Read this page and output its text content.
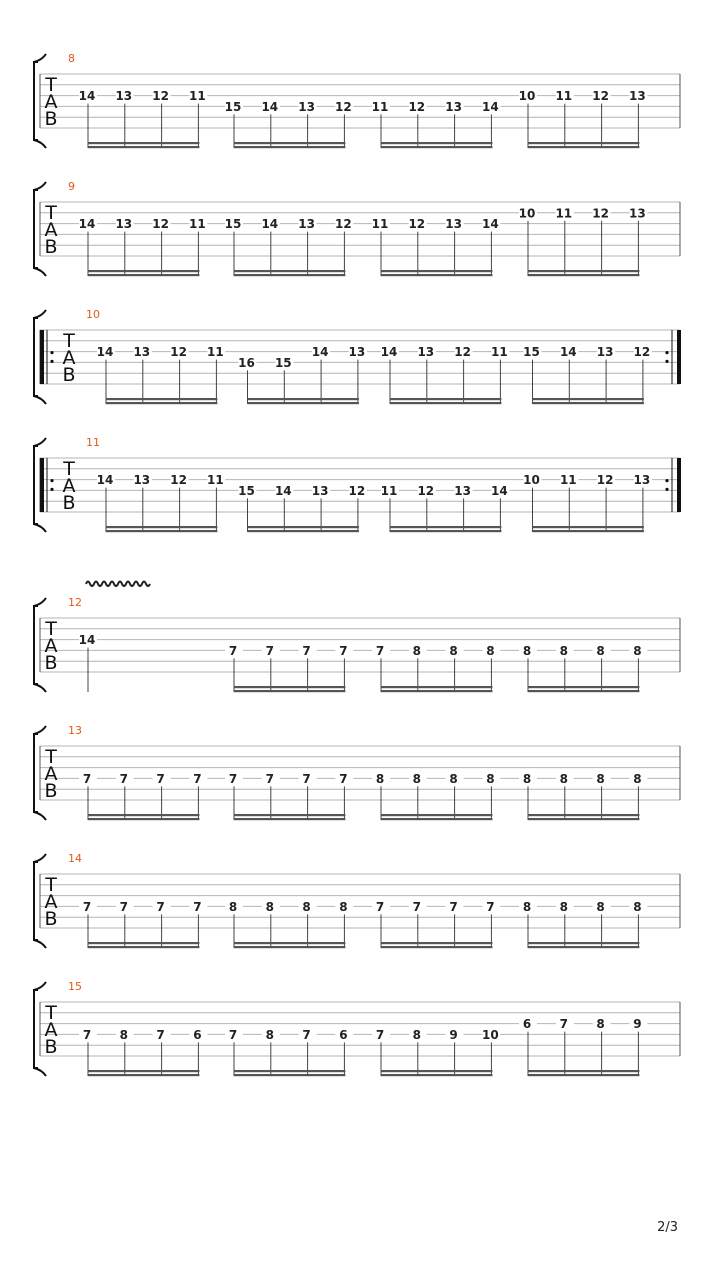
T
A
B
8
14 13 12 11
15 14 13 12 11 12 13 14
10 11 12 13
T
A
B
9
14 13 12 11 15 14 13 12 11 12 13 14
10 11 12 13
T
A
B
10
14 13 12 11
16 15
14 13 14 13 12 11 15 14 13 12
T
A
B
11
14 13 12 11
15 14 13 12 11 12 13 14
10 11 12 13
T
A
B
12
14
7 7 7 7 7 8 8 8 8 8 8 8
T
A
B
13
7 7 7 7 7 7 7 7 8 8 8 8 8 8 8 8
T
A
B
14
7 7 7 7 8 8 8 8 7 7 7 7 8 8 8 8
T
A
B
15
7 8 7 6 7 8 7 6 7 8 9 10
6 7 8 9
2/3
